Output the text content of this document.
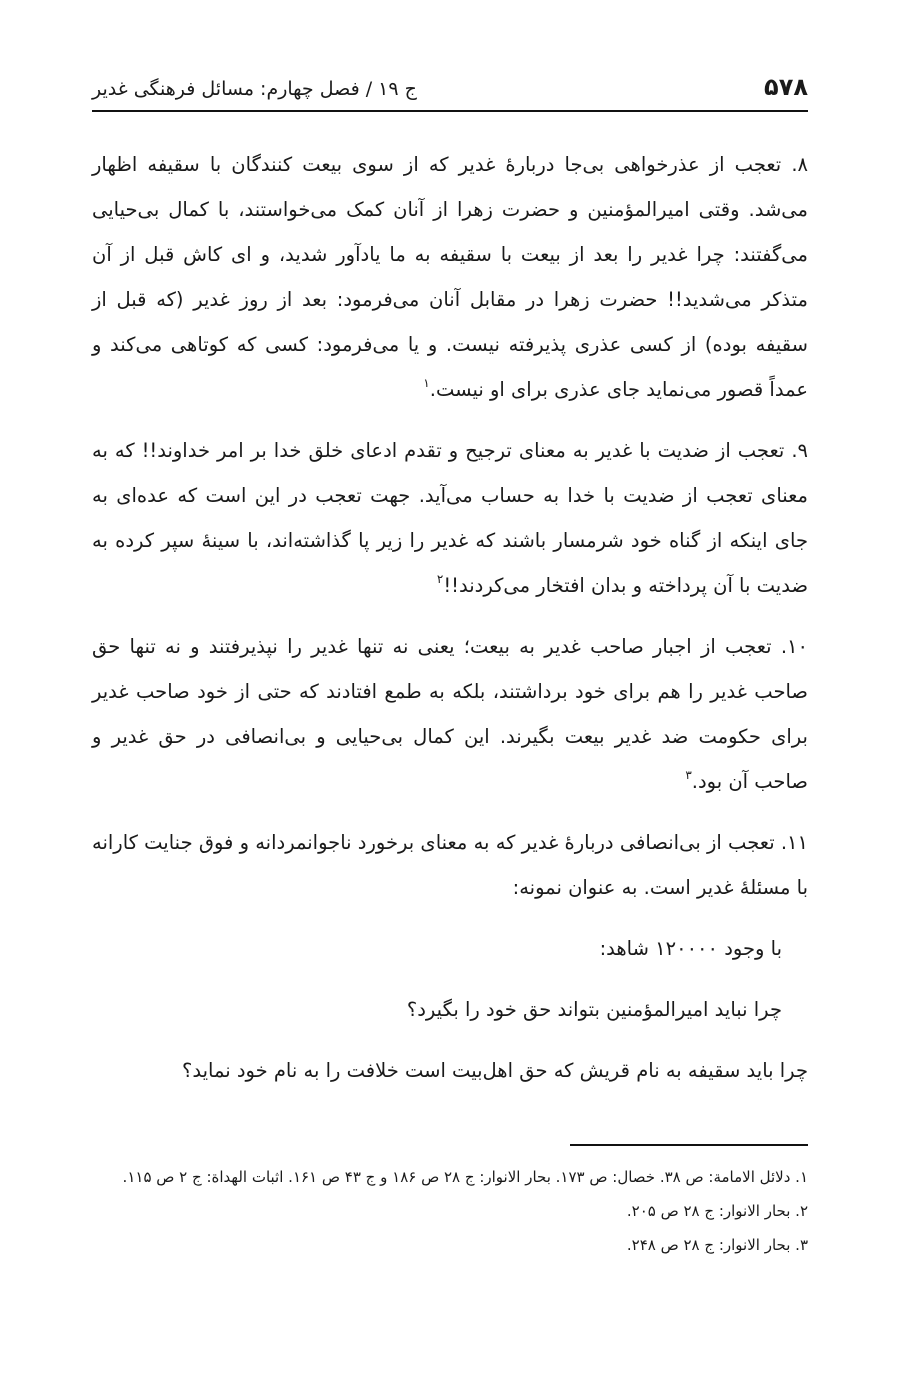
۵۷۸
ج ۱۹ / فصل چهارم: مسائل فرهنگی غدیر

۸. تعجب از عذرخواهی بی‌جا دربارهٔ غدیر که از سوی بیعت کنندگان با سقیفه اظهار می‌شد. وقتی امیرالمؤمنین و حضرت زهرا از آنان کمک می‌خواستند، با کمال بی‌حیایی می‌گفتند: چرا غدیر را بعد از بیعت با سقیفه به ما یادآور شدید، و ای کاش قبل از آن متذکر می‌شدید!! حضرت زهرا در مقابل آنان می‌فرمود: بعد از روز غدیر (که قبل از سقیفه بوده) از کسی عذری پذیرفته نیست. و یا می‌فرمود: کسی که کوتاهی می‌کند و عمداً قصور می‌نماید جای عذری برای او نیست.$^۱$

۹. تعجب از ضدیت با غدیر به معنای ترجیح و تقدم ادعای خلق خدا بر امر خداوند!! که به معنای تعجب از ضدیت با خدا به حساب می‌آید. جهت تعجب در این است که عده‌ای به جای اینکه از گناه خود شرمسار باشند که غدیر را زیر پا گذاشته‌اند، با سینهٔ سپر کرده به ضدیت با آن پرداخته و بدان افتخار می‌کردند!!$^۲$

۱۰. تعجب از اجبار صاحب غدیر به بیعت؛ یعنی نه تنها غدیر را نپذیرفتند و نه تنها حق صاحب غدیر را هم برای خود برداشتند، بلکه به طمع افتادند که حتی از خود صاحب غدیر برای حکومت ضد غدیر بیعت بگیرند. این کمال بی‌حیایی و بی‌انصافی در حق غدیر و صاحب آن بود.$^۳$

۱۱. تعجب از بی‌انصافی دربارهٔ غدیر که به معنای برخورد ناجوانمردانه و فوق جنایت کارانه با مسئلهٔ غدیر است. به عنوان نمونه:

با وجود ۱۲۰۰۰۰ شاهد:

چرا نباید امیرالمؤمنین بتواند حق خود را بگیرد؟

چرا باید سقیفه به نام قریش که حق اهل‌بیت است خلافت را به نام خود نماید؟

۱. دلائل الامامة: ص ۳۸. خصال: ص ۱۷۳. بحار الانوار: ج ۲۸ ص ۱۸۶ و ج ۴۳ ص ۱۶۱. اثبات الهداة: ج ۲ ص ۱۱۵.
۲. بحار الانوار: ج ۲۸ ص ۲۰۵.
۳. بحار الانوار: ج ۲۸ ص ۲۴۸.
